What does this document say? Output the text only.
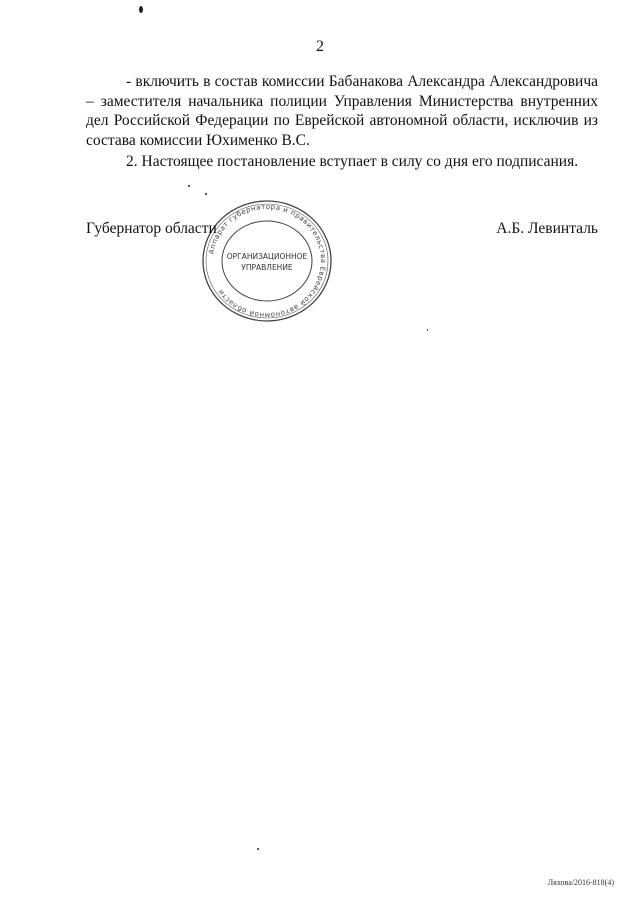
2

- включить в состав комиссии Бабанакова Александра Александровича – заместителя начальника полиции Управления Министерства внутренних дел Российской Федерации по Еврейской автономной области, исключив из состава комиссии Юхименко В.С.

2. Настоящее постановление вступает в силу со дня его подписания.

Аппарат губернатора и правительства Еврейской автономной области
ОРГАНИЗАЦИОННОЕ
УПРАВЛЕНИЕ
Губернатор области	А.Б. Левинталь
Ляхова/2016-818(4)
